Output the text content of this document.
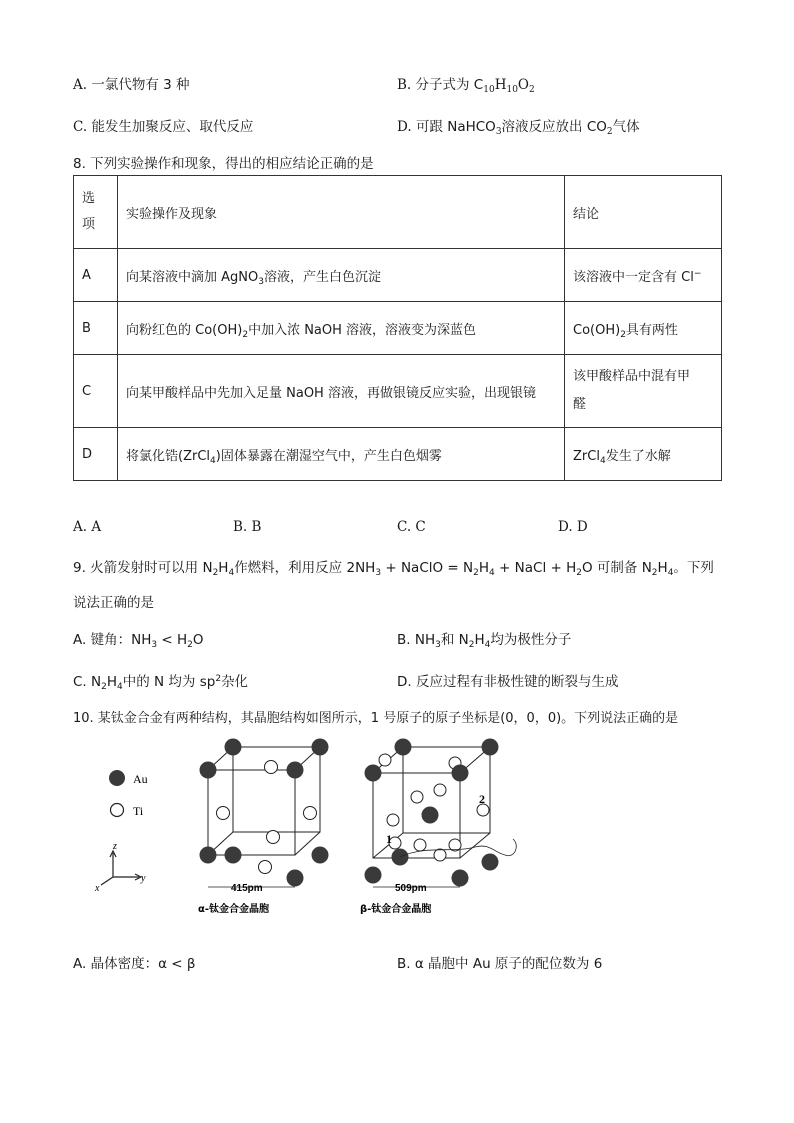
A. 一氯代物有 3 种	B. 分子式为 $C_{10}H_{10}O_2$
C. 能发生加聚反应、取代反应	D. 可跟 NaHCO$_3$溶液反应放出 $CO_2$气体
8. 下列实验操作和现象，得出的相应结论正确的是
选
项	实验操作及现象	结论
A	向某溶液中滴加 AgNO$_3$溶液，产生白色沉淀	该溶液中一定含有 Cl−
B	向粉红色的 $Co(OH)_2$中加入浓 NaOH 溶液，溶液变为深蓝色	$Co(OH)_2$具有两性
C	向某甲酸样品中先加入足量 NaOH 溶液，再做银镜反应实验，出现银镜	该甲酸样品中混有甲
醛

D	将氯化锆(ZrCl$_4$)固体暴露在潮湿空气中，产生白色烟雾	ZrCl$_4$发生了水解
A. A	B. B	C. C	D. D
9. 火箭发射时可以用 $N_2H_4$作燃料，利用反应 $2NH_3$ + NaClO = $N_2H_4$ + NaCl + $H_2O$ 可制备 $N_2H_4$。下列
说法正确的是
A. 键角：$NH_3 < H_2O$	B. $NH_3$和 $N_2H_4$均为极性分子
C. $N_2H_4$中的 N 均为 $sp^2$杂化	D. 反应过程有非极性键的断裂与生成
10. 某钛金合金有两种结构，其晶胞结构如图所示，1 号原子的原子坐标是(0，0，0)。下列说法正确的是
Au
Ti
z
y
x	415pm
α-钛金合金晶胞
1
2
509pm
β-钛金合金晶胞
A. 晶体密度：α < β	B. α 晶胞中 Au 原子的配位数为 6
